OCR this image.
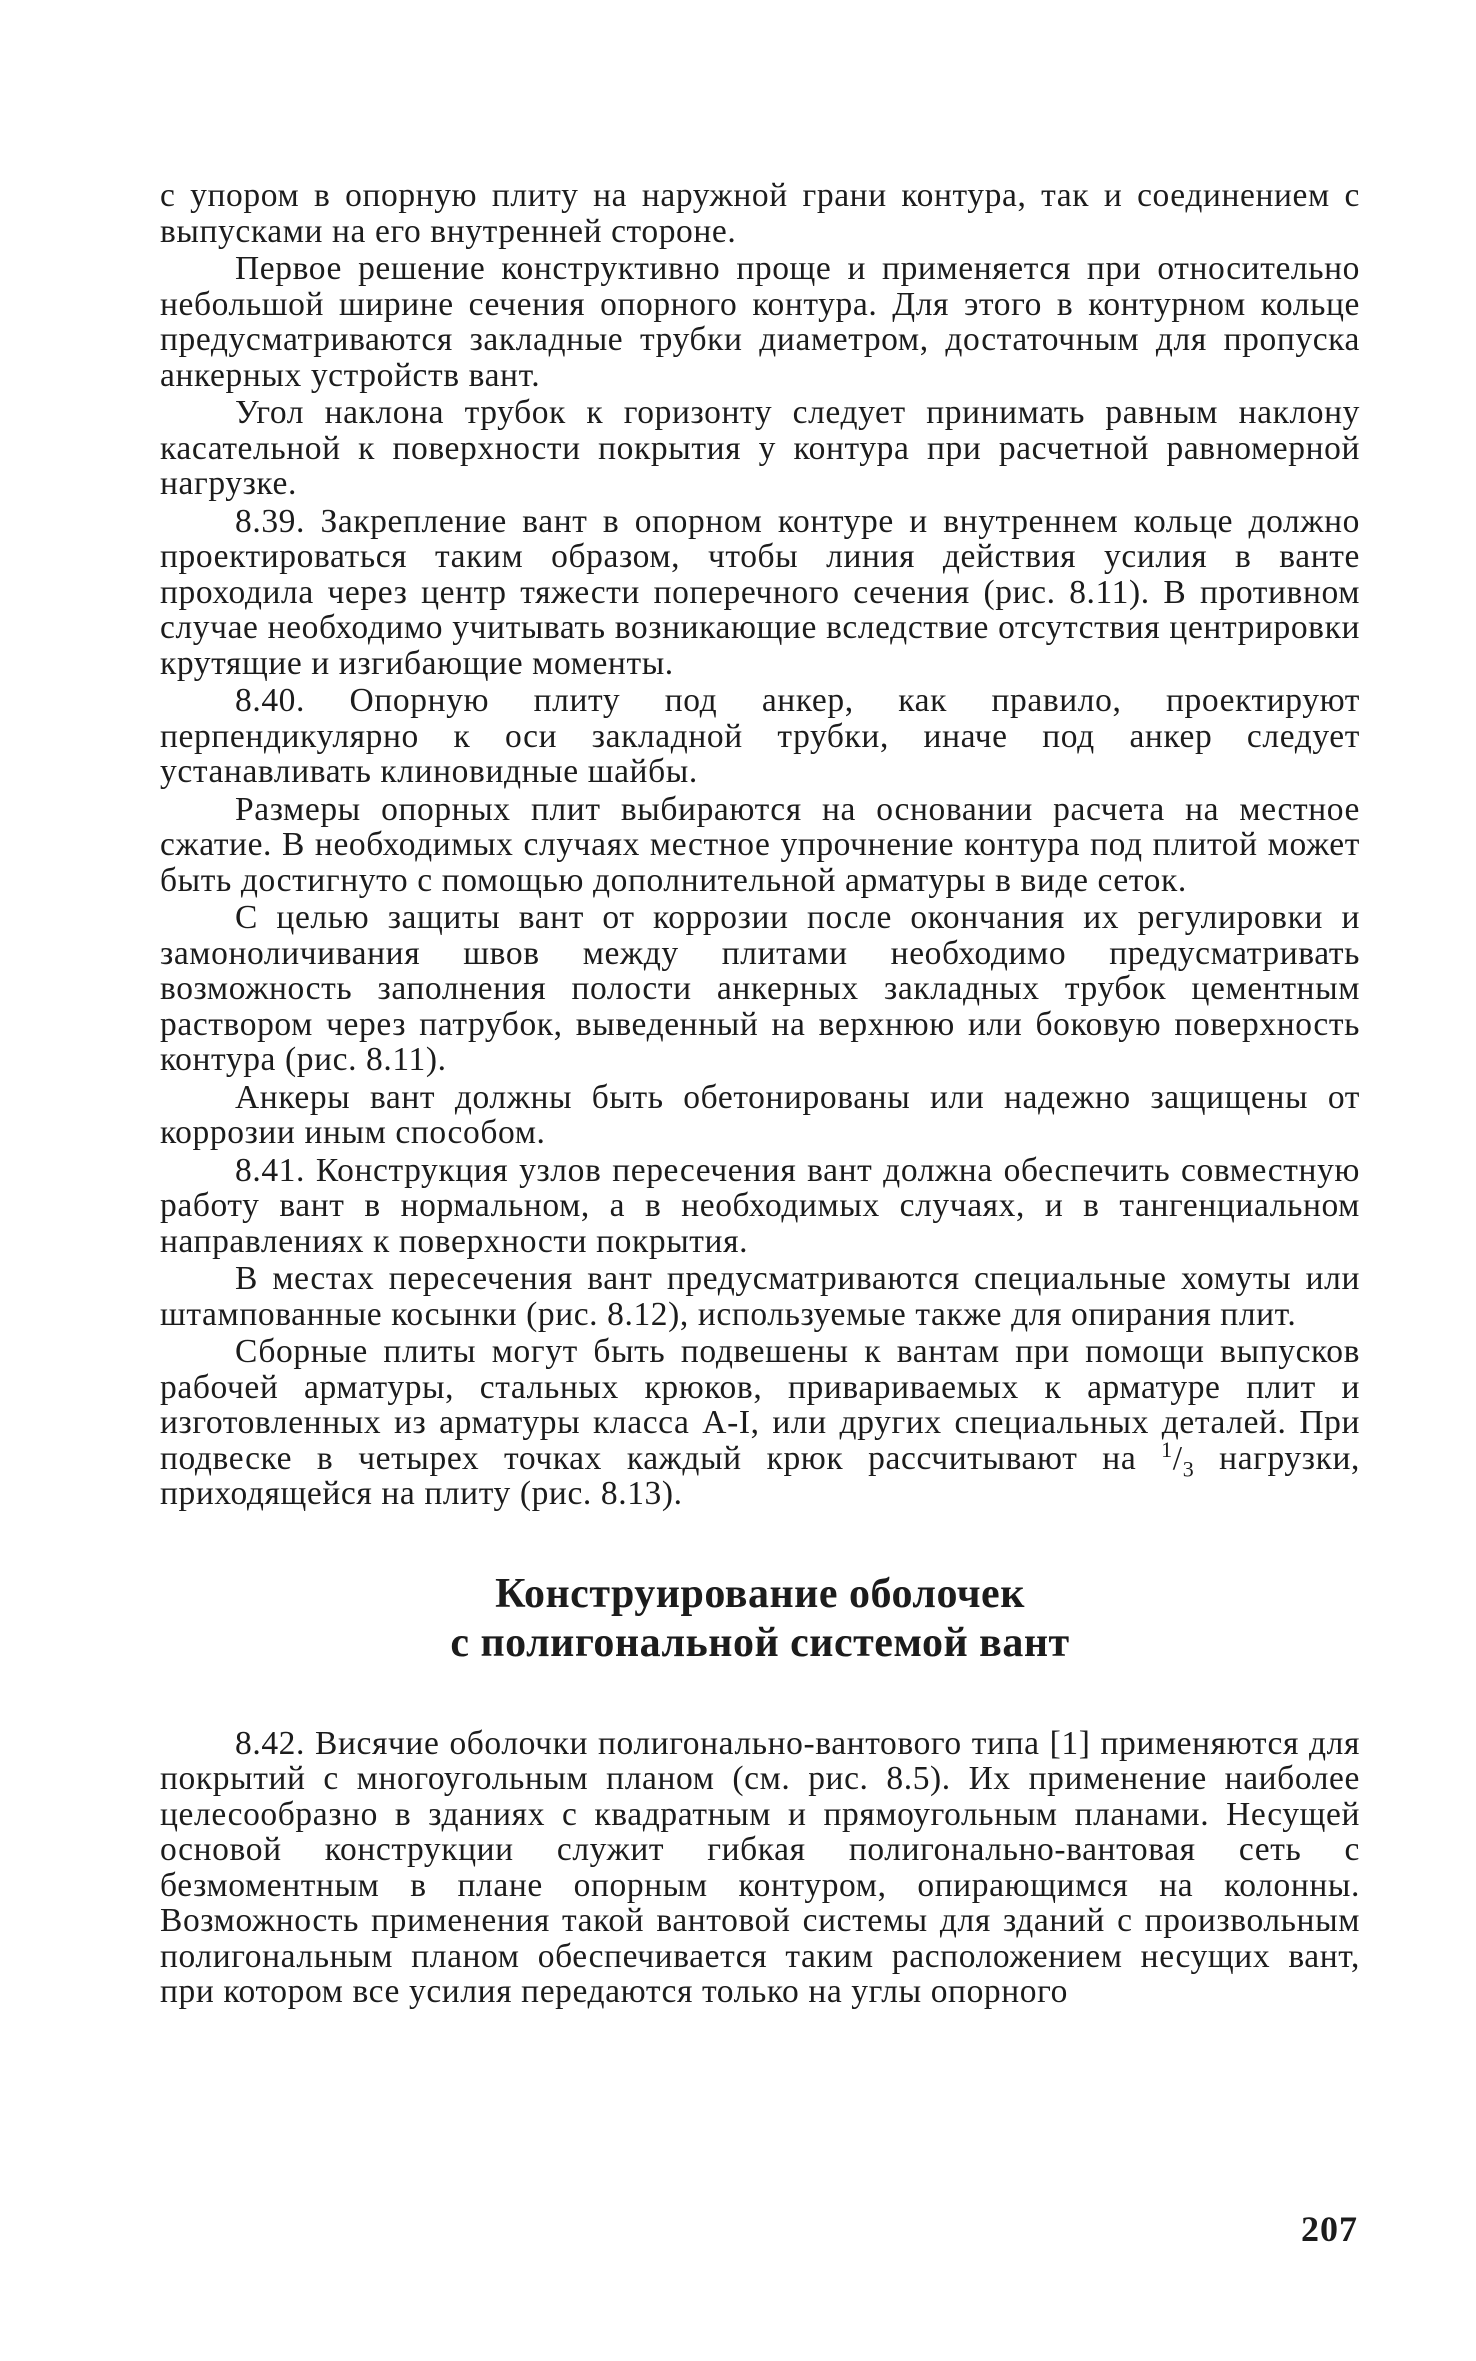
с упором в опорную плиту на наружной грани контура, так и соединением с выпусками на его внутренней стороне.

Первое решение конструктивно проще и применяется при относительно небольшой ширине сечения опорного контура. Для этого в контурном кольце предусматриваются закладные трубки диаметром, достаточным для пропуска анкерных устройств вант.

Угол наклона трубок к горизонту следует принимать равным наклону касательной к поверхности покрытия у контура при расчетной равномерной нагрузке.

8.39. Закрепление вант в опорном контуре и внутреннем кольце должно проектироваться таким образом, чтобы линия действия усилия в ванте проходила через центр тяжести поперечного сечения (рис. 8.11). В противном случае необходимо учитывать возникающие вследствие отсутствия центрировки крутящие и изгибающие моменты.

8.40. Опорную плиту под анкер, как правило, проектируют перпендикулярно к оси закладной трубки, иначе под анкер следует устанавливать клиновидные шайбы.

Размеры опорных плит выбираются на основании расчета на местное сжатие. В необходимых случаях местное упрочнение контура под плитой может быть достигнуто с помощью дополнительной арматуры в виде сеток.

С целью защиты вант от коррозии после окончания их регулировки и замоноличивания швов между плитами необходимо предусматривать возможность заполнения полости анкерных закладных трубок цементным раствором через патрубок, выведенный на верхнюю или боковую поверхность контура (рис. 8.11).

Анкеры вант должны быть обетонированы или надежно защищены от коррозии иным способом.

8.41. Конструкция узлов пересечения вант должна обеспечить совместную работу вант в нормальном, а в необходимых случаях, и в тангенциальном направлениях к поверхности покрытия.

В местах пересечения вант предусматриваются специальные хомуты или штампованные косынки (рис. 8.12), используемые также для опирания плит.

Сборные плиты могут быть подвешены к вантам при помощи выпусков рабочей арматуры, стальных крюков, привариваемых к арматуре плит и изготовленных из арматуры класса А-I, или других специальных деталей. При подвеске в четырех точках каждый крюк рассчитывают на $^1/_3$ нагрузки, приходящейся на плиту (рис. 8.13).

Конструирование оболочек
с полигональной системой вант

8.42. Висячие оболочки полигонально-вантового типа [1] применяются для покрытий с многоугольным планом (см. рис. 8.5). Их применение наиболее целесообразно в зданиях с квадратным и прямоугольным планами. Несущей основой конструкции служит гибкая полигонально-вантовая сеть с безмоментным в плане опорным контуром, опирающимся на колонны. Возможность применения такой вантовой системы для зданий с произвольным полигональным планом обеспечивается таким расположением несущих вант, при котором все усилия передаются только на углы опорного

207
